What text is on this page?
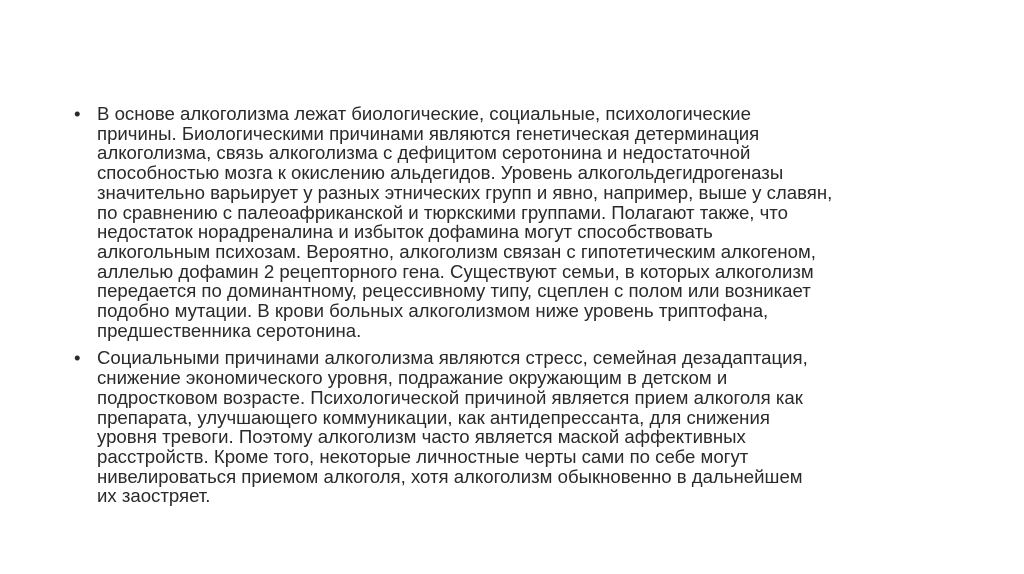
• В основе алкоголизма лежат биологические, социальные, психологические
причины. Биологическими причинами являются генетическая детерминация
алкоголизма, связь алкоголизма с дефицитом серотонина и недостаточной
способностью мозга к окислению альдегидов. Уровень алкогольдегидрогеназы
значительно варьирует у разных этнических групп и явно, например, выше у славян,
по сравнению с палеоафриканской и тюркскими группами. Полагают также, что
недостаток норадреналина и избыток дофамина могут способствовать
алкогольным психозам. Вероятно, алкоголизм связан с гипотетическим алкогеном,
аллелью дофамин 2 рецепторного гена. Существуют семьи, в которых алкоголизм
передается по доминантному, рецессивному типу, сцеплен с полом или возникает
подобно мутации. В крови больных алкоголизмом ниже уровень триптофана,
предшественника серотонина.
• Социальными причинами алкоголизма являются стресс, семейная дезадаптация,
снижение экономического уровня, подражание окружающим в детском и
подростковом возрасте. Психологической причиной является прием алкоголя как
препарата, улучшающего коммуникации, как антидепрессанта, для снижения
уровня тревоги. Поэтому алкоголизм часто является маской аффективных
расстройств. Кроме того, некоторые личностные черты сами по себе могут
нивелироваться приемом алкоголя, хотя алкоголизм обыкновенно в дальнейшем
их заостряет.
